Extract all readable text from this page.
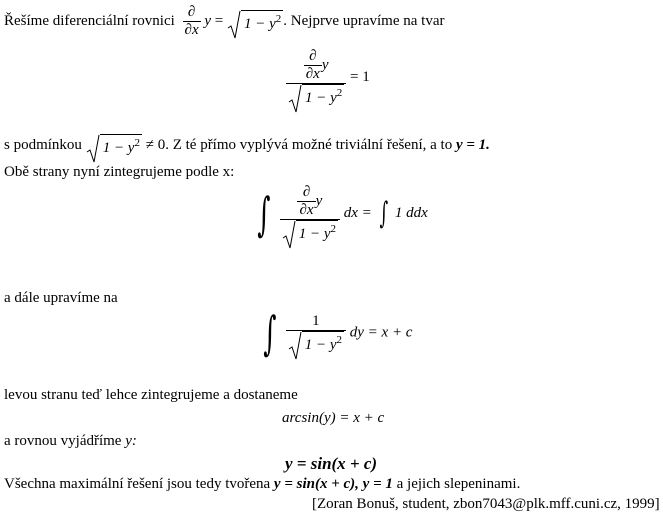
Řešíme diferenciální rovnici $\frac{\partial}{\partial x}$ $y = 1 - y^2$ . Nejprve upravíme na tvar
$\frac{\frac{\partial}{\partial x} y}{1 - y^2} = 1$
s podmínkou $1 - y^2 \ne 0$. Z té přímo vyplývá možné triviální řešení, a to y = 1.
Obě strany nyní zintegrujeme podle x:
∫ $\frac{\frac{\partial}{\partial x} y}{1 - y^2}$ dx = ∫ 1 ddx
a dále upravíme na
∫ $\frac{1}{1 - y^2}$ dy = x + c
levou stranu teď lehce zintegrujeme a dostaneme
arcsin(y) = x + c
a rovnou vyjádříme y:
y = sin(x + c)
Všechna maximální řešení jsou tedy tvořena y = sin(x + c), y = 1 a jejich slepeninami.
[Zoran Bonuš, student, zbon7043@plk.mff.cuni.cz, 1999]
